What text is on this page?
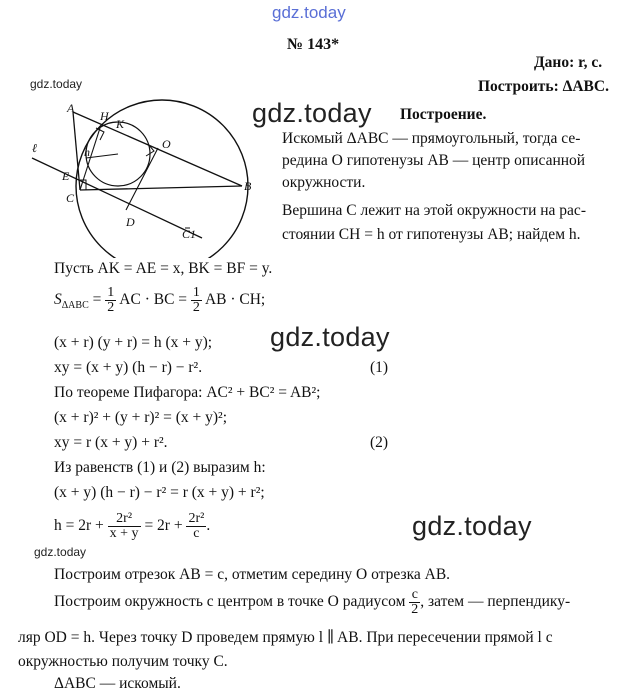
gdz.today
gdz.today
gdz.today
gdz.today
gdz.today
gdz.today
№ 143*
Дано: r, c.
Построить: ΔABC.
A
H
K
O
h
E
C
B
D
C1
ℓ
Построение.
Искомый ΔABC — прямоугольный, тогда се-
редина O гипотенузы AB — центр описанной
окружности.
Вершина C лежит на этой окружности на рас-
стоянии CH = h от гипотенузы AB; найдем h.
Пусть AK = AE = x, BK = BF = y.
$S_{\Delta ABC} = \frac{1}{2}$ AC · BC = $\frac{1}{2}$ AB · CH;
(x + r) (y + r) = h (x + y);
xy = (x + y) (h − r) − r².	(1)
По теореме Пифагора: AC² + BC² = AB²;
(x + r)² + (y + r)² = (x + y)²;
xy = r (x + y) + r².	(2)
Из равенств (1) и (2) выразим h:
(x + y) (h − r) − r² = r (x + y) + r²;
$h = 2r + \frac{\text{2r²}}{x + y} = 2r + \frac{\text{2r²}}{c}$ .
Построим отрезок AB = c, отметим середину O отрезка AB.
Построим окружность с центром в точке O радиусом $\frac{c}{2}$ , затем — перпендику-
ляр OD = h. Через точку D проведем прямую l ∥ AB. При пересечении прямой l с
окружностью получим точку C.
ΔABC — искомый.
